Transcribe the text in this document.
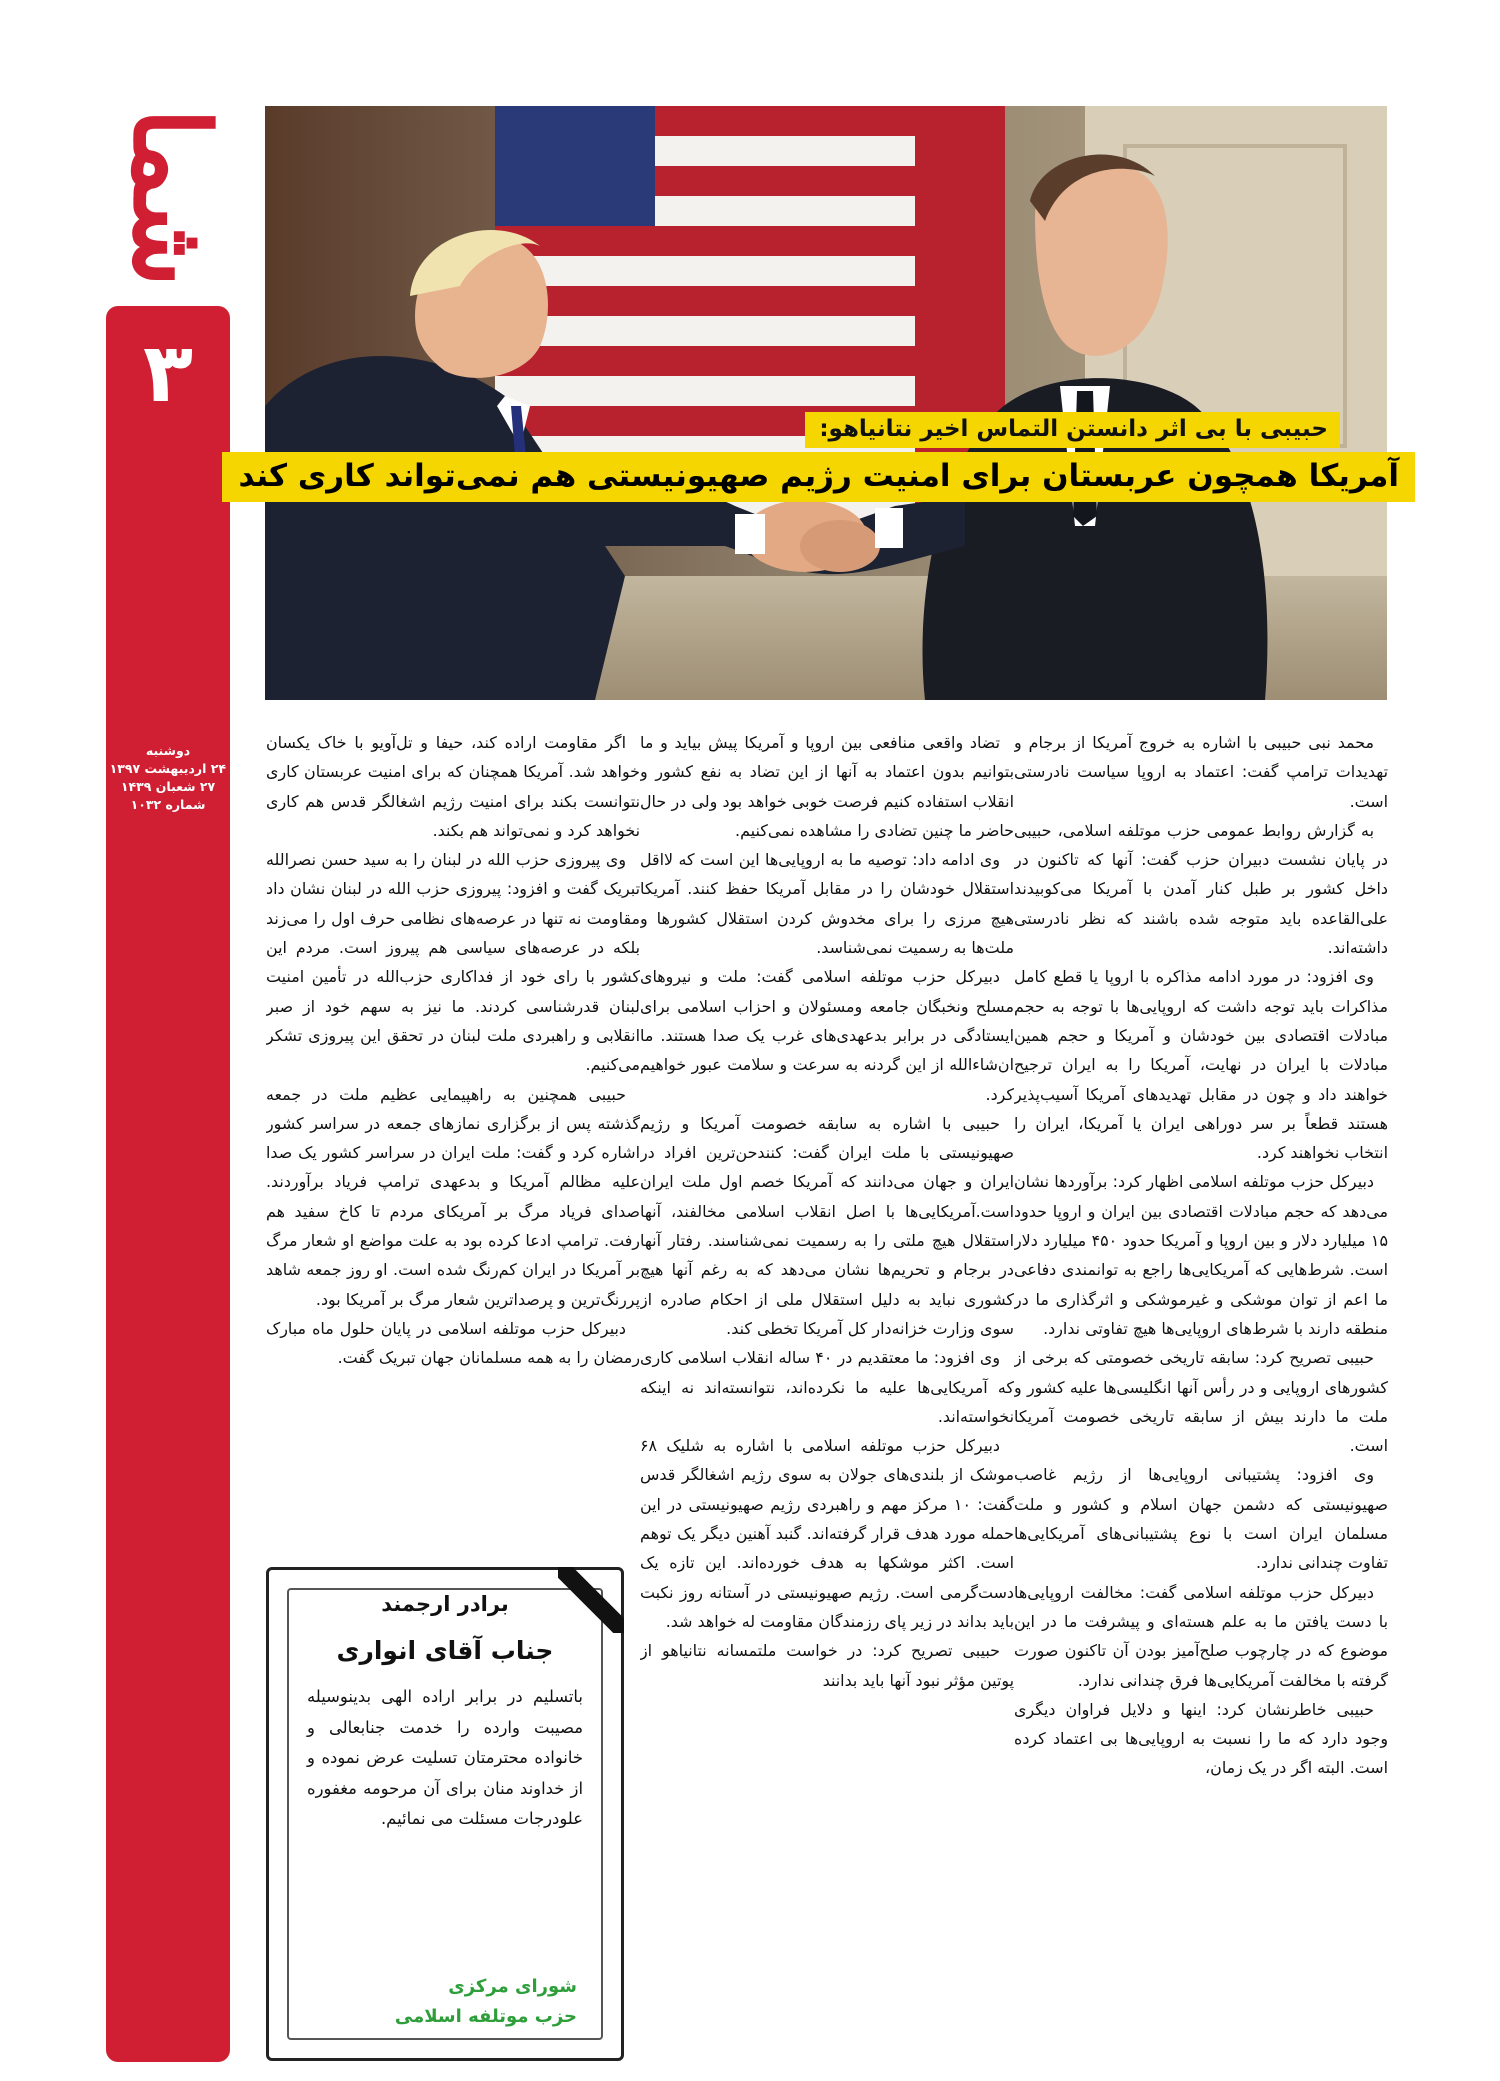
شما
۳
دوشنبه
۲۴ اردیبهشت ۱۳۹۷
۲۷ شعبان ۱۴۳۹
شماره ۱۰۳۲
حبیبی با بی اثر دانستن التماس اخیر نتانیاهو:
آمریکا همچون عربستان برای امنیت رژیم صهیونیستی هم نمی‌تواند کاری کند

محمد نبی حبیبی با اشاره به خروج آمریکا از برجام و تهدیدات ترامپ گفت: اعتماد به اروپا سیاست نادرستی است.

به گزارش روابط عمومی حزب موتلفه اسلامی، حبیبی در پایان نشست دبیران حزب گفت: آنها که تاکنون در داخل کشور بر طبل کنار آمدن با آمریکا می‌کوبیدند علی‌القاعده باید متوجه شده باشند که نظر نادرستی داشته‌اند.

وی افزود: در مورد ادامه مذاکره با اروپا یا قطع کامل مذاکرات باید توجه داشت که اروپایی‌ها با توجه به حجم مبادلات اقتصادی بین خودشان و آمریکا و حجم همین مبادلات با ایران در نهایت، آمریکا را به ایران ترجیح خواهند داد و چون در مقابل تهدیدهای آمریکا آسیب‌پذیر هستند قطعاً بر سر دوراهی ایران یا آمریکا، ایران را انتخاب نخواهند کرد.

دبیرکل حزب موتلفه اسلامی اظهار کرد: برآوردها نشان می‌دهد که حجم مبادلات اقتصادی بین ایران و اروپا حدود ۱۵ میلیارد دلار و بین اروپا و آمریکا حدود ۴۵۰ میلیارد دلار است. شرط‌هایی که آمریکایی‌ها راجع به توانمندی دفاعی ما اعم از توان موشکی و غیرموشکی و اثرگذاری ما در منطقه دارند با شرط‌های اروپایی‌ها هیچ تفاوتی ندارد.

حبیبی تصریح کرد: سابقه تاریخی خصومتی که برخی از کشورهای اروپایی و در رأس آنها انگلیسی‌ها علیه کشور و ملت ما دارند بیش از سابقه تاریخی خصومت آمریکا است.

وی افزود: پشتیبانی اروپایی‌ها از رژیم غاصب صهیونیستی که دشمن جهان اسلام و کشور و ملت مسلمان ایران است با نوع پشتیبانی‌های آمریکایی‌ها تفاوت چندانی ندارد.

دبیرکل حزب موتلفه اسلامی گفت: مخالفت اروپایی‌ها با دست یافتن ما به علم هسته‌ای و پیشرفت ما در این موضوع که در چارچوب صلح‌آمیز بودن آن تاکنون صورت گرفته با مخالفت آمریکایی‌ها فرق چندانی ندارد.

حبیبی خاطرنشان کرد: اینها و دلایل فراوان دیگری وجود دارد که ما را نسبت به اروپایی‌ها بی اعتماد کرده است. البته اگر در یک زمان،

تضاد واقعی منافعی بین اروپا و آمریکا پیش بیاید و ما بتوانیم بدون اعتماد به آنها از این تضاد به نفع کشور و انقلاب استفاده کنیم فرصت خوبی خواهد بود ولی در حال حاضر ما چنین تضادی را مشاهده نمی‌کنیم.

وی ادامه داد: توصیه ما به اروپایی‌ها این است که لااقل استقلال خودشان را در مقابل آمریکا حفظ کنند. آمریکا هیچ مرزی را برای مخدوش کردن استقلال کشورها و ملت‌ها به رسمیت نمی‌شناسد.

دبیرکل حزب موتلفه اسلامی گفت: ملت و نیروهای مسلح ونخبگان جامعه ومسئولان و احزاب اسلامی برای ایستادگی در برابر بدعهدی‌های غرب یک صدا هستند. ما ان‌شاءالله از این گردنه به سرعت و سلامت عبور خواهیم کرد.

حبیبی با اشاره به سابقه خصومت آمریکا و رژیم صهیونیستی با ملت ایران گفت: کنندحن‌ترین افراد در ایران و جهان می‌دانند که آمریکا خصم اول ملت ایران است.آمریکایی‌ها با اصل انقلاب اسلامی مخالفند، آنها استقلال هیچ ملتی را به رسمیت نمی‌شناسند. رفتار آنها در برجام و تحریم‌ها نشان می‌دهد که به رغم آنها هیچ کشوری نباید به دلیل استقلال ملی از احکام صادره از سوی وزارت خزانه‌دار کل آمریکا تخطی کند.

وی افزود: ما معتقدیم در ۴۰ ساله انقلاب اسلامی کاری که آمریکایی‌ها علیه ما نکرده‌اند، نتوانسته‌اند نه اینکه نخواسته‌اند.

دبیرکل حزب موتلفه اسلامی با اشاره به شلیک ۶۸ موشک از بلندی‌های جولان به سوی رژیم اشغالگر قدس گفت: ۱۰ مرکز مهم و راهبردی رژیم صهیونیستی در این حمله مورد هدف قرار گرفته‌اند. گنبد آهنین دیگر یک توهم است. اکثر موشکها به هدف خورده‌اند. این تازه یک دست‌گرمی است. رژیم صهیونیستی در آستانه روز نکبت باید بداند در زیر پای رزمندگان مقاومت له خواهد شد.

حبیبی تصریح کرد: در خواست ملتمسانه نتانیاهو از پوتین مؤثر نبود آنها باید بدانند

اگر مقاومت اراده کند، حیفا و تل‌آویو با خاک یکسان خواهد شد. آمریکا همچنان که برای امنیت عربستان کاری نتوانست بکند برای امنیت رژیم اشغالگر قدس هم کاری نخواهد کرد و نمی‌تواند هم بکند.

وی پیروزی حزب الله در لبنان را به سید حسن نصرالله تبریک گفت و افزود: پیروزی حزب الله در لبنان نشان داد مقاومت نه تنها در عرصه‌های نظامی حرف اول را می‌زند بلکه در عرصه‌های سیاسی هم پیروز است. مردم این کشور با رای خود از فداکاری حزب‌الله در تأمین امنیت لبنان قدرشناسی کردند. ما نیز به سهم خود از صبر انقلابی و راهبردی ملت لبنان در تحقق این پیروزی تشکر می‌کنیم.

حبیبی همچنین به راهپیمایی عظیم ملت در جمعه گذشته پس از برگزاری نمازهای جمعه در سراسر کشور اشاره کرد و گفت: ملت ایران در سراسر کشور یک صدا علیه مظالم آمریکا و بدعهدی ترامپ فریاد برآوردند. صدای فریاد مرگ بر آمریکای مردم تا کاخ سفید هم رفت. ترامپ ادعا کرده بود به علت مواضع او شعار مرگ بر آمریکا در ایران کم‌رنگ شده است. او روز جمعه شاهد پررنگ‌ترین و پرصداترین شعار مرگ بر آمریکا بود.

دبیرکل حزب موتلفه اسلامی در پایان حلول ماه مبارک رمضان را به همه مسلمانان جهان تبریک گفت.

برادر ارجمند
جناب آقای انواری
باتسلیم در برابر اراده الهی بدینوسیله مصیبت وارده را خدمت جنابعالی و خانواده محترمتان تسلیت عرض نموده و از خداوند منان برای آن مرحومه مغفوره علودرجات مسئلت می نمائیم.
شورای مرکزی
حزب موتلفه اسلامی
